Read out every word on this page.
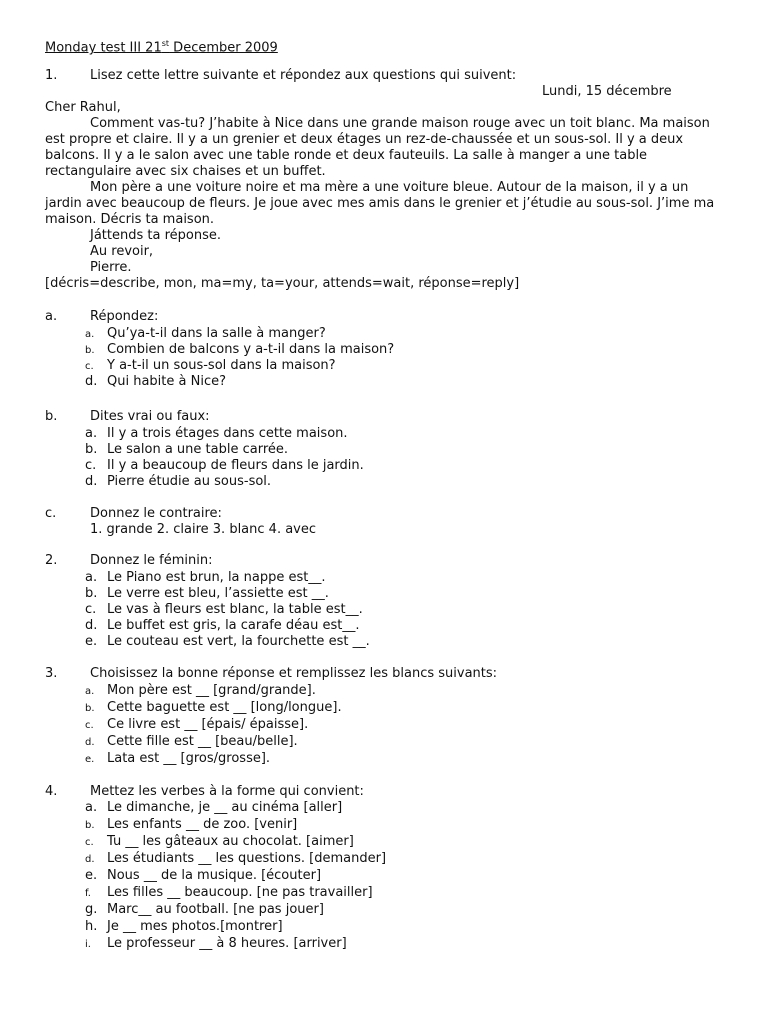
Monday test III 21st December 2009
1.	Lisez cette lettre suivante et répondez aux questions qui suivent:
Lundi, 15 décembre

Cher Rahul,

Comment vas-tu? J’habite à Nice dans une grande maison rouge avec un toit blanc. Ma maison est propre et claire. Il y a un grenier et deux étages un rez-de-chaussée et un sous-sol. Il y a deux balcons. Il y a le salon avec une table ronde et deux fauteuils. La salle à manger a une table rectangulaire avec six chaises et un buffet.

Mon père a une voiture noire et ma mère a une voiture bleue. Autour de la maison, il y a un jardin avec beaucoup de fleurs. Je joue avec mes amis dans le grenier et j’étudie au sous-sol. J’ime ma maison. Décris ta maison.

Játtends ta réponse.

Au revoir,

Pierre.

[décris=describe, mon, ma=my, ta=your, attends=wait, réponse=reply]

a.	Répondez:
a. Qu’ya-t-il dans la salle à manger?
b. Combien de balcons y a-t-il dans la maison?
c.	Y a-t-il un sous-sol dans la maison?
d. Qui habite à Nice?
b.	Dites vrai ou faux:
a. Il y a trois étages dans cette maison.
b. Le salon a une table carrée.
c. Il y a beaucoup de fleurs dans le jardin.
d. Pierre étudie au sous-sol.
c.	Donnez le contraire:
1. grande 2. claire 3. blanc 4. avec
2.	Donnez le féminin:
a. Le Piano est brun, la nappe est__.
b. Le verre est bleu, l’assiette est __.
c. Le vas à fleurs est blanc, la table est__.
d. Le buffet est gris, la carafe déau est__.
e. Le couteau est vert, la fourchette est __.
3.	Choisissez la bonne réponse et remplissez les blancs suivants:
a. Mon père est __ [grand/grande].
b. Cette baguette est __ [long/longue].
c.	Ce livre est __ [épais/ épaisse].
d. Cette fille est __ [beau/belle].
e. Lata est __ [gros/grosse].
4.	Mettez les verbes à la forme qui convient:
a. Le dimanche, je __ au cinéma [aller]
b. Les enfants __ de zoo. [venir]
c.	Tu __ les gâteaux au chocolat. [aimer]
d. Les étudiants __ les questions. [demander]
e. Nous __ de la musique. [écouter]
f.	Les filles __ beaucoup. [ne pas travailler]
g. Marc__ au football. [ne pas jouer]
h. Je __ mes photos.[montrer]
i.	Le professeur __ à 8 heures. [arriver]
